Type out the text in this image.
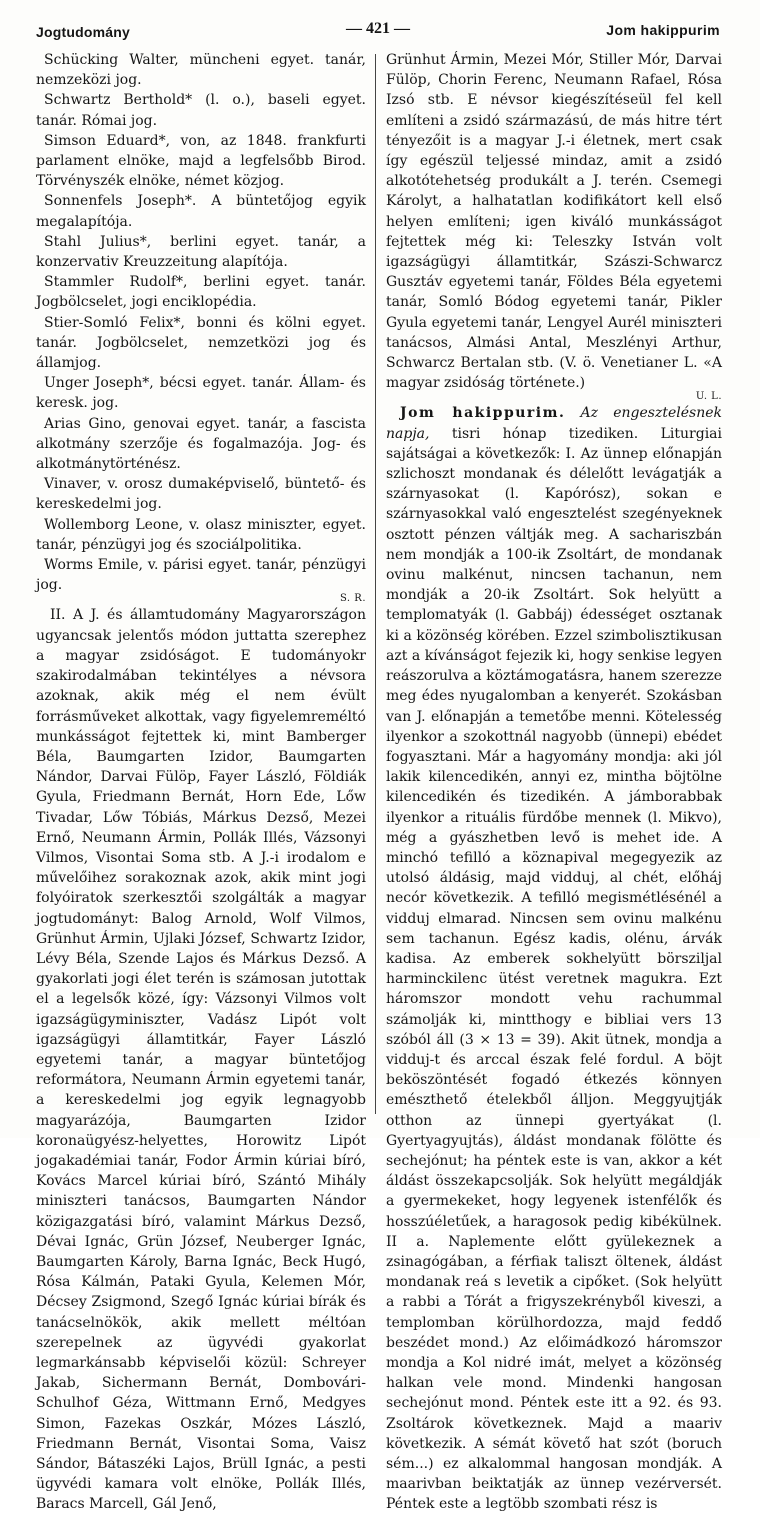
Jogtudomány	— 421 —	Jom hakippurim

Schücking Walter, müncheni egyet. tanár, nemzeközi jog.

Schwartz Berthold* (l. o.), baseli egyet. tanár. Római jog.

Simson Eduard*, von, az 1848. frankfurti parlament elnöke, majd a legfelsőbb Birod. Törvényszék elnöke, német közjog.

Sonnenfels Joseph*. A büntetőjog egyik megalapítója.

Stahl Julius*, berlini egyet. tanár, a konzervativ Kreuzzeitung alapítója.

Stammler Rudolf*, berlini egyet. tanár. Jogbölcselet, jogi enciklopédia.

Stier-Somló Felix*, bonni és kölni egyet. tanár. Jogbölcselet, nemzetközi jog és államjog.

Unger Joseph*, bécsi egyet. tanár. Állam- és keresk. jog.

Arias Gino, genovai egyet. tanár, a fascista alkotmány szerzője és fogalmazója. Jog- és alkotmánytörténész.

Vinaver, v. orosz dumaképviselő, büntető- és kereskedelmi jog.

Wollemborg Leone, v. olasz miniszter, egyet. tanár, pénzügyi jog és szociálpolitika.

Worms Emile, v. párisi egyet. tanár, pénzügyi jog.

S. R.

II. A J. és államtudomány Magyarországon ugyancsak jelentős módon juttatta szerephez a magyar zsidóságot. E tudományokr szakirodalmában tekintélyes a névsora azoknak, akik még el nem évült forrásműveket alkottak, vagy figyelemreméltó munkásságot fejtettek ki, mint Bamberger Béla, Baumgarten Izidor, Baumgarten Nándor, Darvai Fülöp, Fayer László, Földiák Gyula, Friedmann Bernát, Horn Ede, Lőw Tivadar, Lőw Tóbiás, Márkus Dezső, Mezei Ernő, Neumann Ármin, Pollák Illés, Vázsonyi Vilmos, Visontai Soma stb. A J.-i irodalom e művelőihez sorakoznak azok, akik mint jogi folyóiratok szerkesztői szolgálták a magyar jogtudományt: Balog Arnold, Wolf Vilmos, Grünhut Ármin, Ujlaki József, Schwartz Izidor, Lévy Béla, Szende Lajos és Márkus Dezső. A gyakorlati jogi élet terén is számosan jutottak el a legelsők közé, így: Vázsonyi Vilmos volt igazságügyminiszter, Vadász Lipót volt igazságügyi államtitkár, Fayer László egyetemi tanár, a magyar büntetőjog reformátora, Neumann Ármin egyetemi tanár, a kereskedelmi jog egyik legnagyobb magyarázója, Baumgarten Izidor koronaügyész-helyettes, Horowitz Lipót jogakadémiai tanár, Fodor Ármin kúriai bíró, Kovács Marcel kúriai bíró, Szántó Mihály miniszteri tanácsos, Baumgarten Nándor közigazgatási bíró, valamint Márkus Dezső, Dévai Ignác, Grün József, Neuberger Ignác, Baumgarten Károly, Barna Ignác, Beck Hugó, Rósa Kálmán, Pataki Gyula, Kelemen Mór, Décsey Zsigmond, Szegő Ignác kúriai bírák és tanácselnökök, akik mellett méltóan szerepelnek az ügyvédi gyakorlat legmarkánsabb képviselői közül: Schreyer Jakab, Sichermann Bernát, Dombovári-Schulhof Géza, Wittmann Ernő, Medgyes Simon, Fazekas Oszkár, Mózes László, Friedmann Bernát, Visontai Soma, Vaisz Sándor, Bátaszéki Lajos, Brüll Ignác, a pesti ügyvédi kamara volt elnöke, Pollák Illés, Baracs Marcell, Gál Jenő,

Grünhut Ármin, Mezei Mór, Stiller Mór, Darvai Fülöp, Chorin Ferenc, Neumann Rafael, Rósa Izsó stb. E névsor kiegészítéseül fel kell említeni a zsidó származású, de más hitre tért tényezőit is a magyar J.-i életnek, mert csak így egészül teljessé mindaz, amit a zsidó alkotótehetség produkált a J. terén. Csemegi Károlyt, a halhatatlan kodifikátort kell első helyen említeni; igen kiváló munkásságot fejtettek még ki: Teleszky István volt igazságügyi államtitkár, Szászi-Schwarcz Gusztáv egyetemi tanár, Földes Béla egyetemi tanár, Somló Bódog egyetemi tanár, Pikler Gyula egyetemi tanár, Lengyel Aurél miniszteri tanácsos, Almási Antal, Meszlényi Arthur, Schwarcz Bertalan stb. (V. ö. Venetianer L. «A magyar zsidóság története.)

U. L.

Jom hakippurim. Az engesztelésnek napja, tisri hónap tizediken. Liturgiai sajátságai a következők: I. Az ünnep előnapján szlichoszt mondanak és délelőtt levágatják a szárnyasokat (l. Kapórósz), sokan e szárnyasokkal való engesztelést szegényeknek osztott pénzen váltják meg. A sachariszbán nem mondják a 100-ik Zsoltárt, de mondanak ovinu malkénut, nincsen tachanun, nem mondják a 20-ik Zsoltárt. Sok helyütt a templomatyák (l. Gabbáj) édességet osztanak ki a közönség körében. Ezzel szimbolisztikusan azt a kívánságot fejezik ki, hogy senkise legyen reászorulva a köztámogatásra, hanem szerezze meg édes nyugalomban a kenyerét. Szokásban van J. előnapján a temetőbe menni. Kötelesség ilyenkor a szokottnál nagyobb (ünnepi) ebédet fogyasztani. Már a hagyomány mondja: aki jól lakik kilencedikén, annyi ez, mintha böjtölne kilencedikén és tizedikén. A jámborabbak ilyenkor a rituális fürdőbe mennek (l. Mikvo), még a gyászhetben levő is mehet ide. A minchó tefilló a köznapival megegyezik az utolsó áldásig, majd vidduj, al chét, előháj necór következik. A tefilló megismétlésénél a vidduj elmarad. Nincsen sem ovinu malkénu sem tachanun. Egész kadis, olénu, árvák kadisa. Az emberek sokhelyütt börsziljal harminckilenc ütést veretnek magukra. Ezt háromszor mondott vehu rachummal számolják ki, mintthogy e bibliai vers 13 szóból áll (3 × 13 = 39). Akit ütnek, mondja a vidduj-t és arccal észak felé fordul. A böjt beköszöntését fogadó étkezés könnyen emészthető ételekből álljon. Meggyujtják otthon az ünnepi gyertyákat (l. Gyertyagyujtás), áldást mondanak fölötte és sechejónut; ha péntek este is van, akkor a két áldást összekapcsolják. Sok helyütt megáldják a gyermekeket, hogy legyenek istenfélők és hosszúéletűek, a haragosok pedig kibékülnek. II a. Naplemente előtt gyülekeznek a zsinagógában, a férfiak taliszt öltenek, áldást mondanak reá s levetik a cipőket. (Sok helyütt a rabbi a Tórát a frigyszekrényből kiveszi, a templomban körülhordozza, majd feddő beszédet mond.) Az előimádkozó háromszor mondja a Kol nidré imát, melyet a közönség halkan vele mond. Mindenki hangosan sechejónut mond. Péntek este itt a 92. és 93. Zsoltárok következnek. Majd a maariv következik. A sémát követő hat szót (boruch sém...) ez alkalommal hangosan mondják. A maarivban beiktatják az ünnep vezérversét. Péntek este a legtöbb szombati rész is
